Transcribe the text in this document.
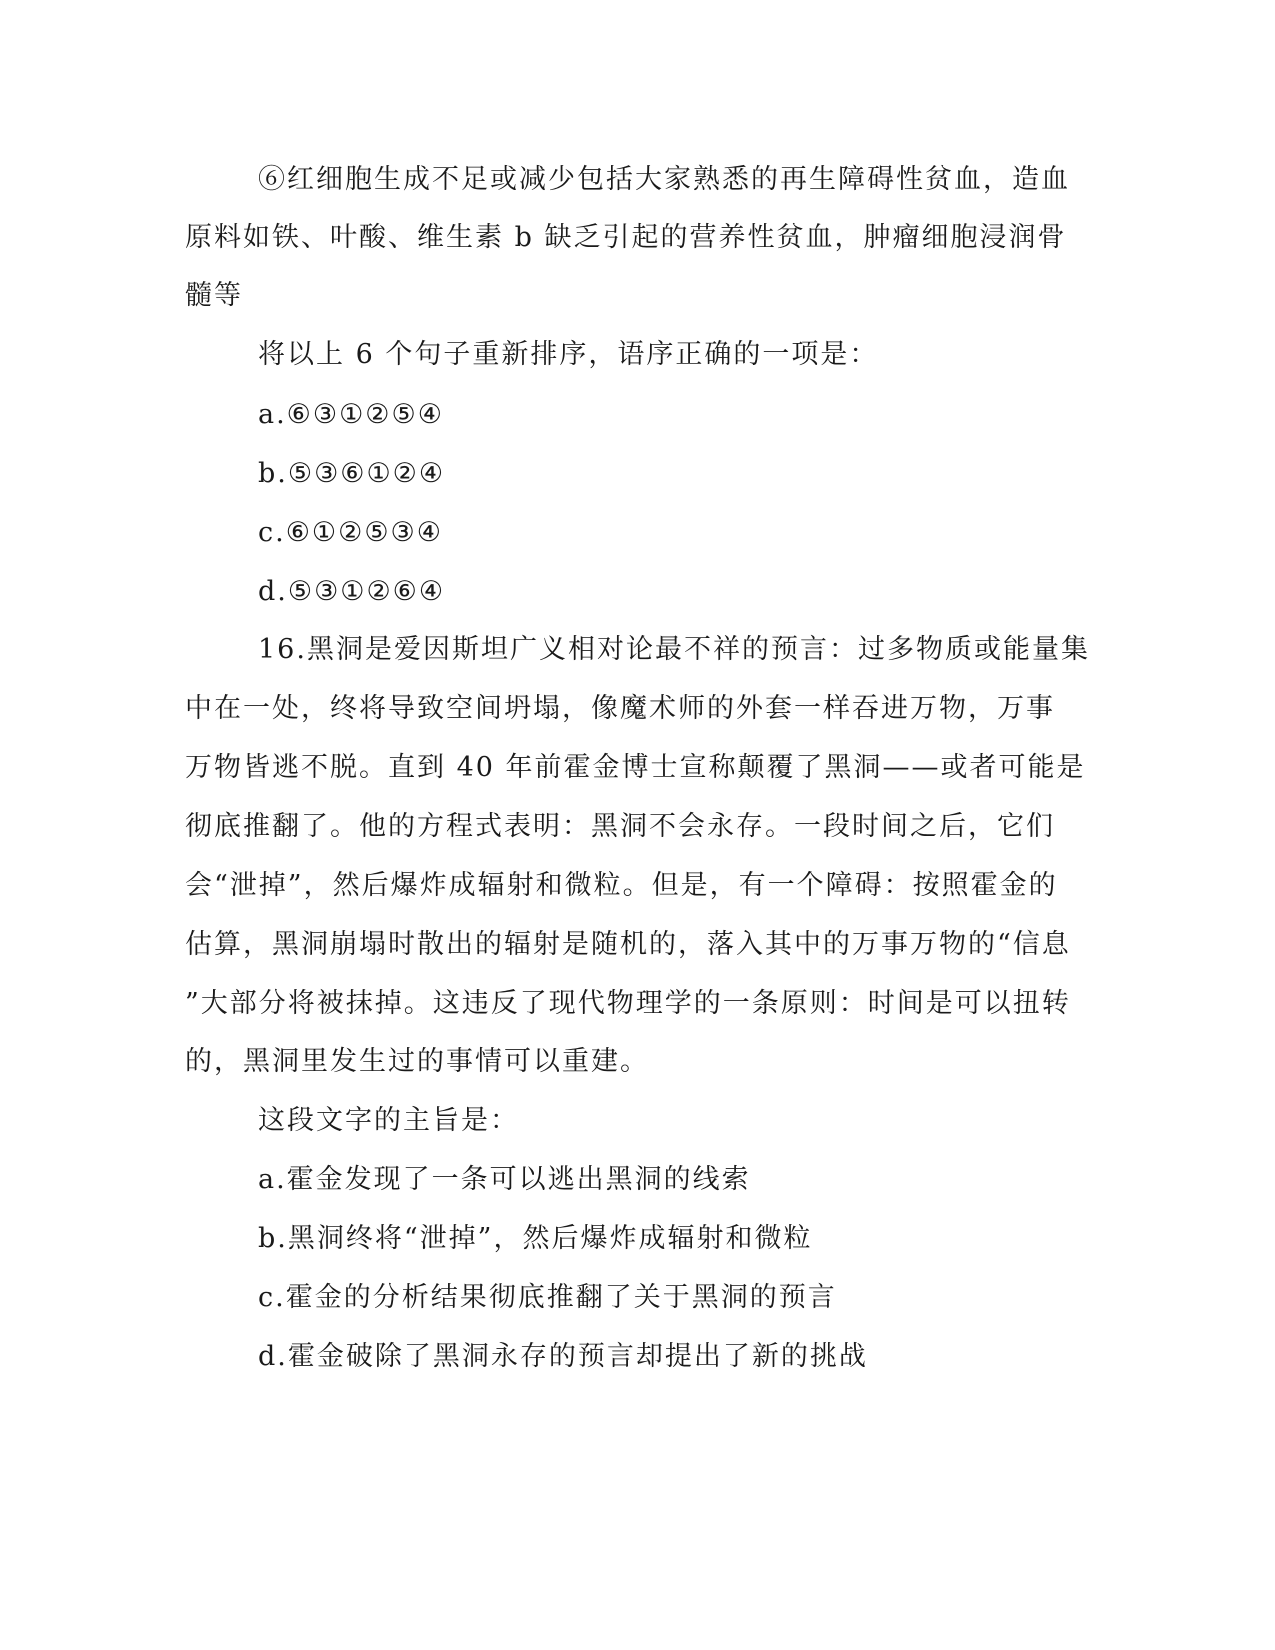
⑥红细胞生成不足或减少包括大家熟悉的再生障碍性贫血，造血
原料如铁、叶酸、维生素 b 缺乏引起的营养性贫血，肿瘤细胞浸润骨
髓等
将以上 6 个句子重新排序，语序正确的一项是：
a.⑥③①②⑤④
b.⑤③⑥①②④
c.⑥①②⑤③④
d.⑤③①②⑥④
16.黑洞是爱因斯坦广义相对论最不祥的预言：过多物质或能量集
中在一处，终将导致空间坍塌，像魔术师的外套一样吞进万物，万事
万物皆逃不脱。直到 40 年前霍金博士宣称颠覆了黑洞——或者可能是
彻底推翻了。他的方程式表明：黑洞不会永存。一段时间之后，它们
会“泄掉”，然后爆炸成辐射和微粒。但是，有一个障碍：按照霍金的
估算，黑洞崩塌时散出的辐射是随机的，落入其中的万事万物的“信息
”大部分将被抹掉。这违反了现代物理学的一条原则：时间是可以扭转
的，黑洞里发生过的事情可以重建。
这段文字的主旨是：
a.霍金发现了一条可以逃出黑洞的线索
b.黑洞终将“泄掉”，然后爆炸成辐射和微粒
c.霍金的分析结果彻底推翻了关于黑洞的预言
d.霍金破除了黑洞永存的预言却提出了新的挑战
